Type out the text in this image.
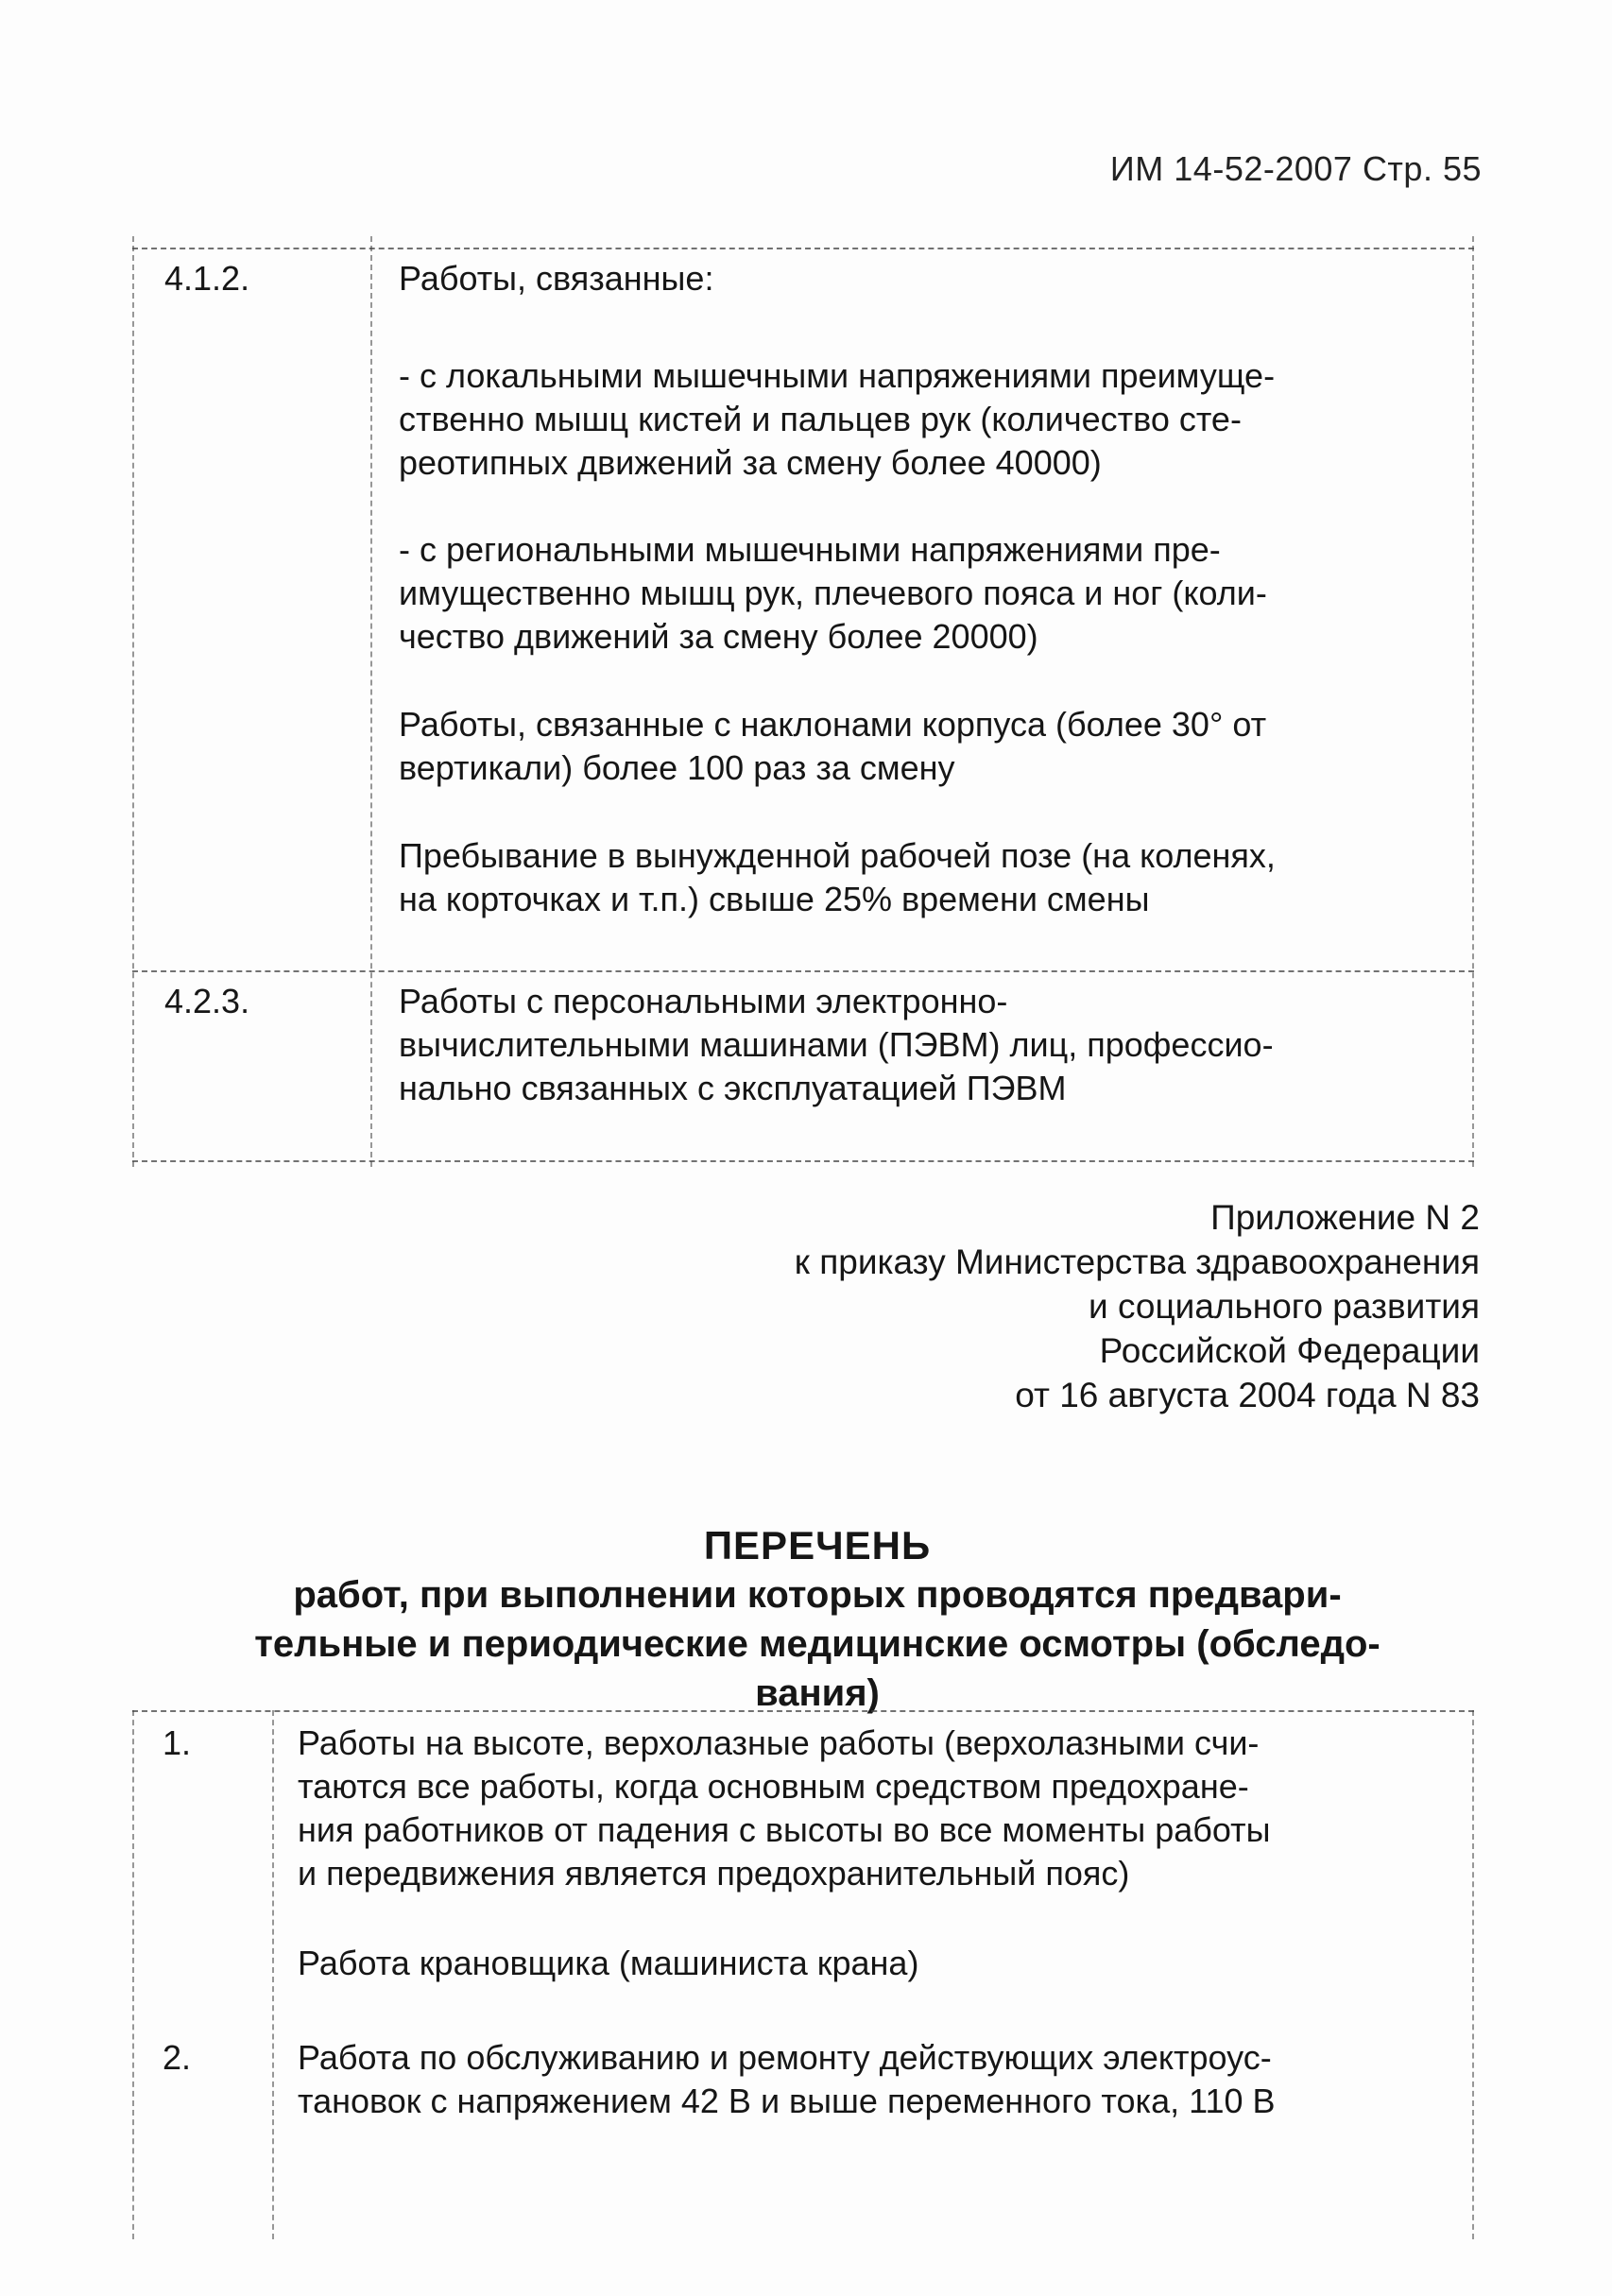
ИМ 14-52-2007 Стр. 55
4.1.2.	Работы, связанные:
- с локальными мышечными напряжениями преимуще-
ственно мышц кистей и пальцев рук (количество сте-
реотипных движений за смену более 40000)
- с региональными мышечными напряжениями пре-
имущественно мышц рук, плечевого пояса и ног (коли-
чество движений за смену более 20000)
Работы, связанные с наклонами корпуса (более 30° от
вертикали) более 100 раз за смену
Пребывание в вынужденной рабочей позе (на коленях,
на корточках и т.п.) свыше 25% времени смены
4.2.3.	Работы с персональными электронно-
вычислительными машинами (ПЭВМ) лиц, профессио-
нально связанных с эксплуатацией ПЭВМ
Приложение N 2
к приказу Министерства здравоохранения
и социального развития
Российской Федерации
от 16 августа 2004 года N 83
ПЕРЕЧЕНЬ
работ, при выполнении которых проводятся предвари-
тельные и периодические медицинские осмотры (обследо-
вания)
1.	Работы на высоте, верхолазные работы (верхолазными счи-
таются все работы, когда основным средством предохране-
ния работников от падения с высоты во все моменты работы
и передвижения является предохранительный пояс)
Работа крановщика (машиниста крана)
2.	Работа по обслуживанию и ремонту действующих электроус-
тановок с напряжением 42 В и выше переменного тока, 110 В
